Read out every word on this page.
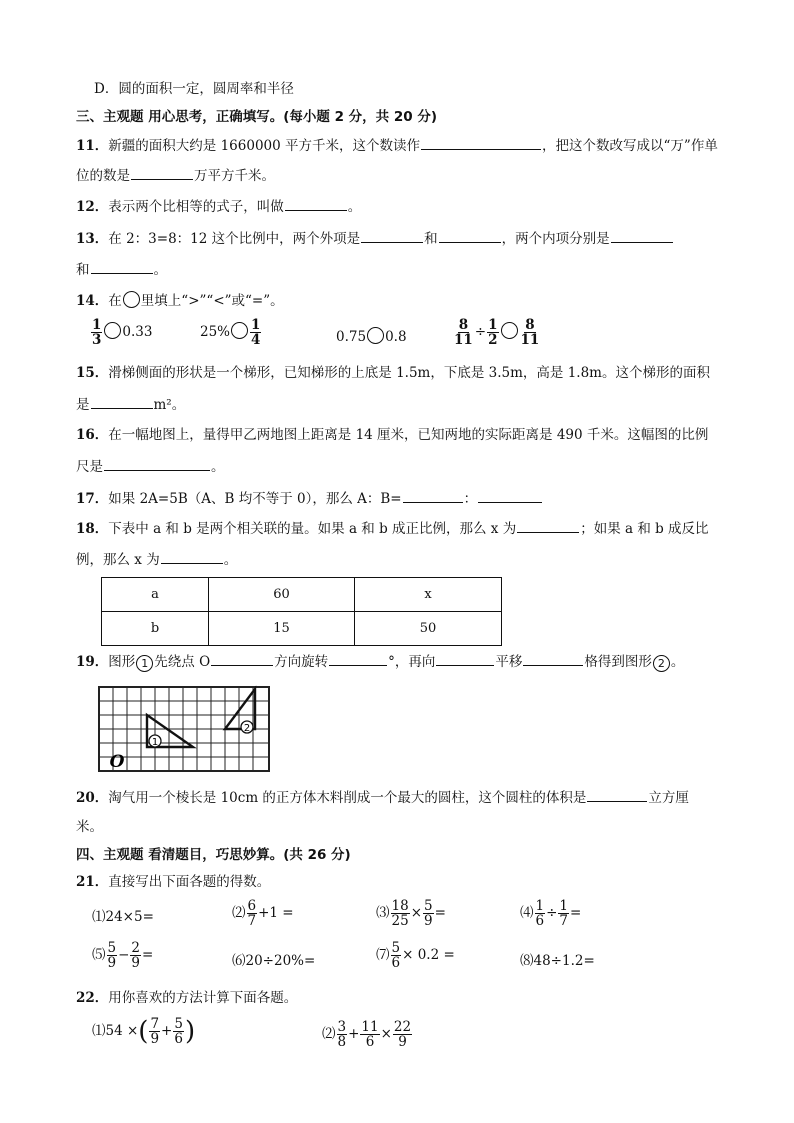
D．圆的面积一定，圆周率和半径
三、主观题 用心思考，正确填写。(每小题 2 分，共 20 分)
11．新疆的面积大约是 1660000 平方千米，这个数读作	，把这个数改写成以“万”作单
位的数是	万平方千米。
12．表示两个比相等的式子，叫做	。
13．在 2：3=8：12 这个比例中，两个外项是	和	，两个内项分别是
和	。
14．在 里填上“>”“<”或“=”。
$\frac{1}{3} 0.33$	$25\% \frac{1}{4}$	0.75 0.8	$\frac{8}{11} \div \frac{1}{2} \frac{8}{11}$
15．滑梯侧面的形状是一个梯形，已知梯形的上底是 1.5m，下底是 3.5m，高是 1.8m。这个梯形的面积
是	m²。
16．在一幅地图上，量得甲乙两地图上距离是 14 厘米，已知两地的实际距离是 490 千米。这幅图的比例
尺是	。
17．如果 2A=5B（A、B 均不等于 0），那么 A：B=	：
18．下表中 a 和 b 是两个相关联的量。如果 a 和 b 成正比例，那么 x 为	；如果 a 和 b 成反比
例，那么 x 为	。
a	60	x
b	15	50
19．图形 1 先绕点 O	方向旋转	°，再向	平移	格得到图形 2 。
1
2
O
20．淘气用一个棱长是 10cm 的正方体木料削成一个最大的圆柱，这个圆柱的体积是	立方厘
米。
四、主观题 看清题目，巧思妙算。(共 26 分)
21．直接写出下面各题的得数。
⑴24×5=	⑵ $\frac{6}{7} +1$ =	⑶ $\frac{18}{25} \times \frac{5}{9}$ =	⑷ $\frac{1}{6} \div \frac{1}{7}$ =
⑸ $\frac{5}{9} - \frac{2}{9}$ =	⑹20÷20%=	⑺ $\frac{5}{6} \times 0.2$ =	⑻48÷1.2=
22．用你喜欢的方法计算下面各题。
⑴54 ×( $\frac{7}{9} + \frac{5}{6}$ )	⑵ $\frac{3}{8} + \frac{11}{6} \times \frac{22}{9}$
